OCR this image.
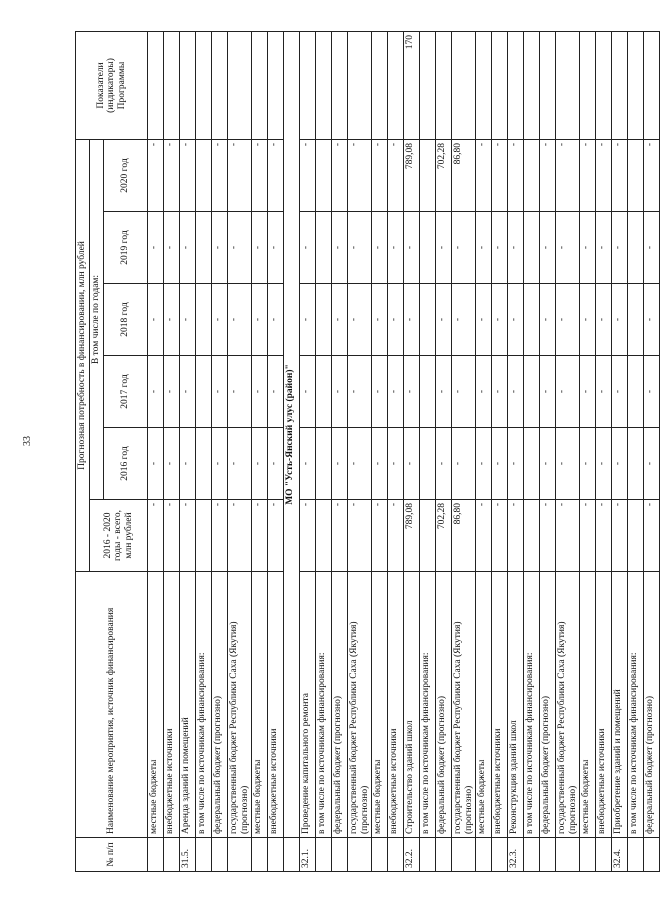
33
№ п/п	Наименование мероприятия, источник финансирования	Прогнозная потребность в финансировании, млн рублей						Показатели (индикаторы) Программы
		2016 - 2020 годы - всего, млн рублей	В том числе по годам:					
			2016 год	2017 год	2018 год	2019 год	2020 год	
	местные бюджеты	-	-	-	-	-	-	
	внебюджетные источники	-	-	-	-	-	-	
31.5.	Аренда зданий и помещений	-	-	-	-	-	-	
	в том числе по источникам финансирования:							
	федеральный бюджет (прогнозно)	-	-	-	-	-	-	
	государственный бюджет Республики Саха (Якутия) (прогнозно)	-	-	-	-	-	-	
	местные бюджеты	-	-	-	-	-	-	
	внебюджетные источники	-	-	-	-	-	-	
	МО "Усть-Янский улус (район)"							
32.1.	Проведение капитального ремонта	-	-	-	-	-	-	
	в том числе по источникам финансирования:							
	федеральный бюджет (прогнозно)	-	-	-	-	-	-	
	государственный бюджет Республики Саха (Якутия) (прогнозно)	-	-	-	-	-	-	
	местные бюджеты	-	-	-	-	-	-	
	внебюджетные источники	-	-	-	-	-	-	
32.2.	Строительство зданий школ	789,08	-	-	-	-	789,08	170
	в том числе по источникам финансирования:							
	федеральный бюджет (прогнозно)	702,28	-	-	-	-	702,28	
	государственный бюджет Республики Саха (Якутия) (прогнозно)	86,80	-	-	-	-	86,80	
	местные бюджеты	-	-	-	-	-	-	
	внебюджетные источники	-	-	-	-	-	-	
32.3.	Реконструкция зданий школ	-	-	-	-	-	-	
	в том числе по источникам финансирования:							
	федеральный бюджет (прогнозно)	-	-	-	-	-	-	
	государственный бюджет Республики Саха (Якутия) (прогнозно)	-	-	-	-	-	-	
	местные бюджеты	-	-	-	-	-	-	
	внебюджетные источники	-	-	-	-	-	-	
32.4.	Приобретение зданий и помещений	-	-	-	-	-	-	
	в том числе по источникам финансирования:							
	федеральный бюджет (прогнозно)	-	-	-	-	-	-	
